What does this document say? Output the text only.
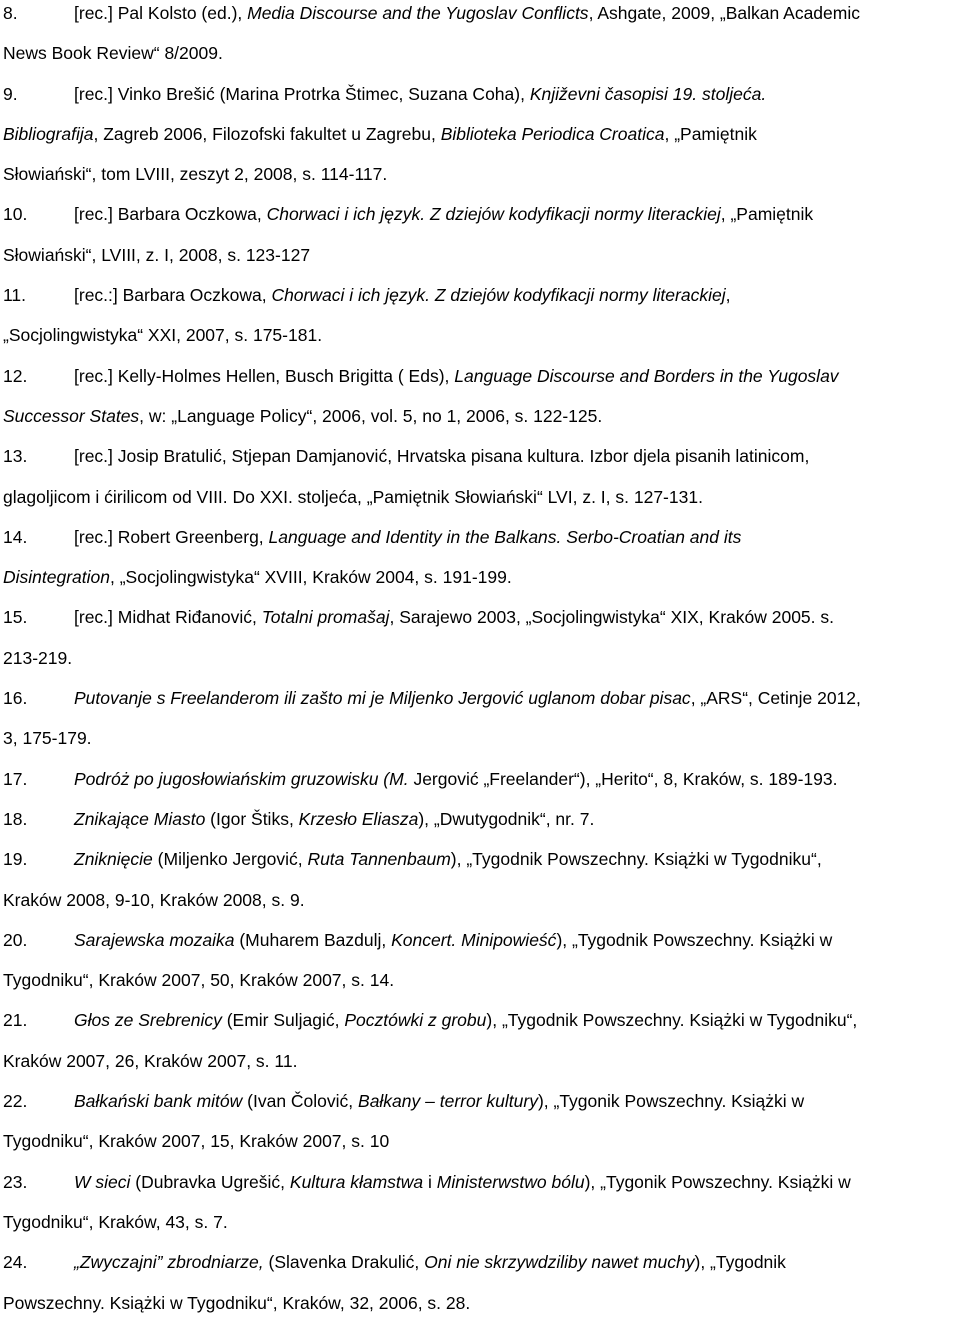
8.	[rec.] Pal Kolsto (ed.), Media Discourse and the Yugoslav Conflicts, Ashgate, 2009, „Balkan Academic
News Book Review“ 8/2009.
9.	[rec.] Vinko Brešić (Marina Protrka Štimec, Suzana Coha), Književni časopisi 19. stoljeća.
Bibliografija, Zagreb 2006, Filozofski fakultet u Zagrebu, Biblioteka Periodica Croatica, „Pamiętnik
Słowiański“, tom LVIII, zeszyt 2, 2008, s. 114-117.
10.	[rec.] Barbara Oczkowa, Chorwaci i ich język. Z dziejów kodyfikacji normy literackiej, „Pamiętnik
Słowiański“, LVIII, z. I, 2008, s. 123-127
11.	[rec.:] Barbara Oczkowa, Chorwaci i ich język. Z dziejów kodyfikacji normy literackiej,
„Socjolingwistyka“ XXI, 2007, s. 175-181.
12.	[rec.] Kelly-Holmes Hellen, Busch Brigitta ( Eds), Language Discourse and Borders in the Yugoslav
Successor States, w: „Language Policy“, 2006, vol. 5, no 1, 2006, s. 122-125.
13.	[rec.] Josip Bratulić, Stjepan Damjanović, Hrvatska pisana kultura. Izbor djela pisanih latinicom,
glagoljicom i ćirilicom od VIII. Do XXI. stoljeća, „Pamiętnik Słowiański“ LVI, z. I, s. 127-131.
14.	[rec.] Robert Greenberg, Language and Identity in the Balkans. Serbo-Croatian and its
Disintegration, „Socjolingwistyka“ XVIII, Kraków 2004, s. 191-199.
15.	[rec.] Midhat Riđanović, Totalni promašaj, Sarajewo 2003, „Socjolingwistyka“ XIX, Kraków 2005. s.
213-219.
16.	Putovanje s Freelanderom ili zašto mi je Miljenko Jergović uglanom dobar pisac, „ARS“, Cetinje 2012,
3, 175-179.
17.	Podróż po jugosłowiańskim gruzowisku (M. Jergović „Freelander“), „Herito“, 8, Kraków, s. 189-193.
18.	Znikające Miasto (Igor Štiks, Krzesło Eliasza), „Dwutygodnik“, nr. 7.
19.	Zniknięcie (Miljenko Jergović, Ruta Tannenbaum), „Tygodnik Powszechny. Książki w Tygodniku“,
Kraków 2008, 9-10, Kraków 2008, s. 9.
20.	Sarajewska mozaika (Muharem Bazdulj, Koncert. Minipowieść), „Tygodnik Powszechny. Książki w
Tygodniku“, Kraków 2007, 50, Kraków 2007, s. 14.
21.	Głos ze Srebrenicy (Emir Suljagić, Pocztówki z grobu), „Tygodnik Powszechny. Książki w Tygodniku“,
Kraków 2007, 26, Kraków 2007, s. 11.
22.	Bałkański bank mitów (Ivan Čolović, Bałkany – terror kultury), „Tygonik Powszechny. Książki w
Tygodniku“, Kraków 2007, 15, Kraków 2007, s. 10
23.	W sieci (Dubravka Ugrešić, Kultura kłamstwa i Ministerwstwo bólu), „Tygonik Powszechny. Książki w
Tygodniku“, Kraków, 43, s. 7.
24.	„Zwyczajni” zbrodniarze, (Slavenka Drakulić, Oni nie skrzywdziliby nawet muchy), „Tygodnik
Powszechny. Książki w Tygodniku“, Kraków, 32, 2006, s. 28.
